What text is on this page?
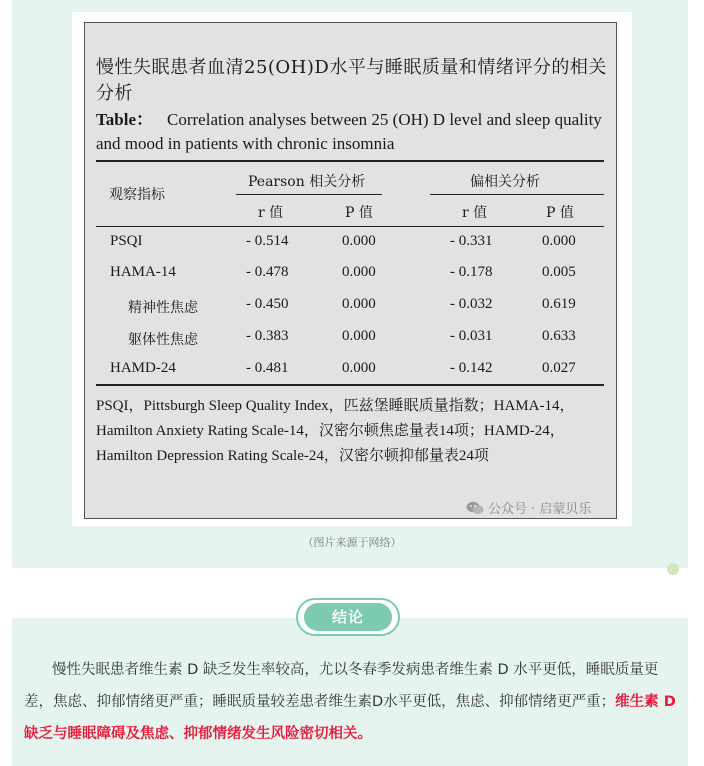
慢性失眠患者血清25(OH)D水平与睡眠质量和情绪评分的相关分析

Table： Correlation analyses between 25 (OH) D level and sleep quality and mood in patients with chronic insomnia

观察指标
Pearson 相关分析	偏相关分析
r 值	P 值	r 值	P 值
PSQI	- 0.514	0.000	- 0.331	0.000
HAMA-14	- 0.478	0.000	- 0.178	0.005
精神性焦虑	- 0.450	0.000	- 0.032	0.619
躯体性焦虑	- 0.383	0.000	- 0.031	0.633
HAMD-24	- 0.481	0.000	- 0.142	0.027

PSQI，Pittsburgh Sleep Quality Index，匹兹堡睡眠质量指数；HAMA-14，Hamilton Anxiety Rating Scale-14，汉密尔顿焦虑量表14项；HAMD-24，Hamilton Depression Rating Scale-24，汉密尔顿抑郁量表24项

公众号 · 启蒙贝乐
（图片来源于网络）
结论

慢性失眠患者维生素 D 缺乏发生率较高，尤以冬春季发病患者维生素 D 水平更低，睡眠质量更差，焦虑、抑郁情绪更严重；睡眠质量较差患者维生素D水平更低，焦虑、抑郁情绪更严重；维生素 D 缺乏与睡眠障碍及焦虑、抑郁情绪发生风险密切相关。
